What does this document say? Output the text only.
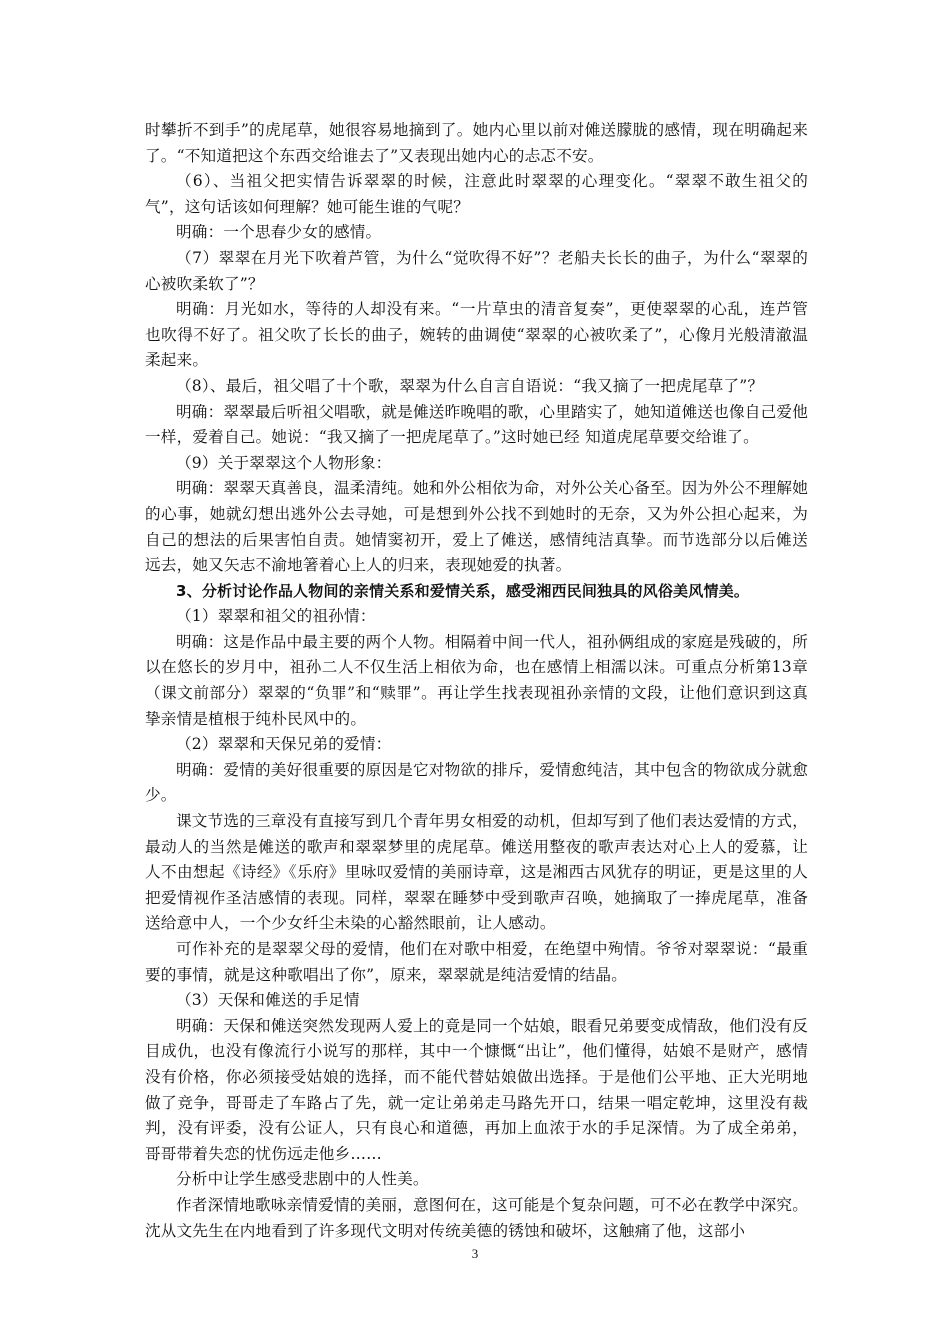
时攀折不到手”的虎尾草，她很容易地摘到了。她内心里以前对傩送朦胧的感情，现在明确起来了。“不知道把这个东西交给谁去了”又表现出她内心的忐忑不安。

（6）、当祖父把实情告诉翠翠的时候，注意此时翠翠的心理变化。“翠翠不敢生祖父的气”，这句话该如何理解？她可能生谁的气呢？

明确：一个思春少女的感情。

（7）翠翠在月光下吹着芦管，为什么“觉吹得不好”？老船夫长长的曲子，为什么“翠翠的心被吹柔软了”？

明确：月光如水，等待的人却没有来。“一片草虫的清音复奏”，更使翠翠的心乱，连芦管也吹得不好了。祖父吹了长长的曲子，婉转的曲调使“翠翠的心被吹柔了”，心像月光般清澈温柔起来。

（8）、最后，祖父唱了十个歌，翠翠为什么自言自语说：“我又摘了一把虎尾草了”？

明确：翠翠最后听祖父唱歌，就是傩送昨晚唱的歌，心里踏实了，她知道傩送也像自己爱他一样，爱着自己。她说：“我又摘了一把虎尾草了。”这时她已经 知道虎尾草要交给谁了。

（9）关于翠翠这个人物形象：

明确：翠翠天真善良，温柔清纯。她和外公相依为命，对外公关心备至。因为外公不理解她的心事，她就幻想出逃外公去寻她，可是想到外公找不到她时的无奈，又为外公担心起来，为自己的想法的后果害怕自责。她情窦初开，爱上了傩送，感情纯洁真挚。而节选部分以后傩送远去，她又矢志不渝地箸着心上人的归来，表现她爱的执著。

3、分析讨论作品人物间的亲情关系和爱情关系，感受湘西民间独具的风俗美风情美。

（1）翠翠和祖父的祖孙情：

明确：这是作品中最主要的两个人物。相隔着中间一代人，祖孙俩组成的家庭是残破的，所以在悠长的岁月中，祖孙二人不仅生活上相依为命，也在感情上相濡以沫。可重点分析第13章（课文前部分）翠翠的“负罪”和“赎罪”。再让学生找表现祖孙亲情的文段，让他们意识到这真挚亲情是植根于纯朴民风中的。

（2）翠翠和天保兄弟的爱情：

明确：爱情的美好很重要的原因是它对物欲的排斥，爱情愈纯洁，其中包含的物欲成分就愈少。

课文节选的三章没有直接写到几个青年男女相爱的动机，但却写到了他们表达爱情的方式，最动人的当然是傩送的歌声和翠翠梦里的虎尾草。傩送用整夜的歌声表达对心上人的爱慕，让人不由想起《诗经》《乐府》里咏叹爱情的美丽诗章，这是湘西古风犹存的明证，更是这里的人把爱情视作圣洁感情的表现。同样，翠翠在睡梦中受到歌声召唤，她摘取了一捧虎尾草，准备送给意中人，一个少女纤尘未染的心豁然眼前，让人感动。

可作补充的是翠翠父母的爱情，他们在对歌中相爱，在绝望中殉情。爷爷对翠翠说：“最重要的事情，就是这种歌唱出了你”，原来，翠翠就是纯洁爱情的结晶。

（3）天保和傩送的手足情

明确：天保和傩送突然发现两人爱上的竟是同一个姑娘，眼看兄弟要变成情敌，他们没有反目成仇，也没有像流行小说写的那样，其中一个慷慨“出让”，他们懂得，姑娘不是财产，感情没有价格，你必须接受姑娘的选择，而不能代替姑娘做出选择。于是他们公平地、正大光明地做了竞争，哥哥走了车路占了先，就一定让弟弟走马路先开口，结果一唱定乾坤，这里没有裁判，没有评委，没有公证人，只有良心和道德，再加上血浓于水的手足深情。为了成全弟弟，哥哥带着失恋的忧伤远走他乡……

分析中让学生感受悲剧中的人性美。

作者深情地歌咏亲情爱情的美丽，意图何在，这可能是个复杂问题，可不必在教学中深究。沈从文先生在内地看到了许多现代文明对传统美德的锈蚀和破坏，这触痛了他，这部小

3
